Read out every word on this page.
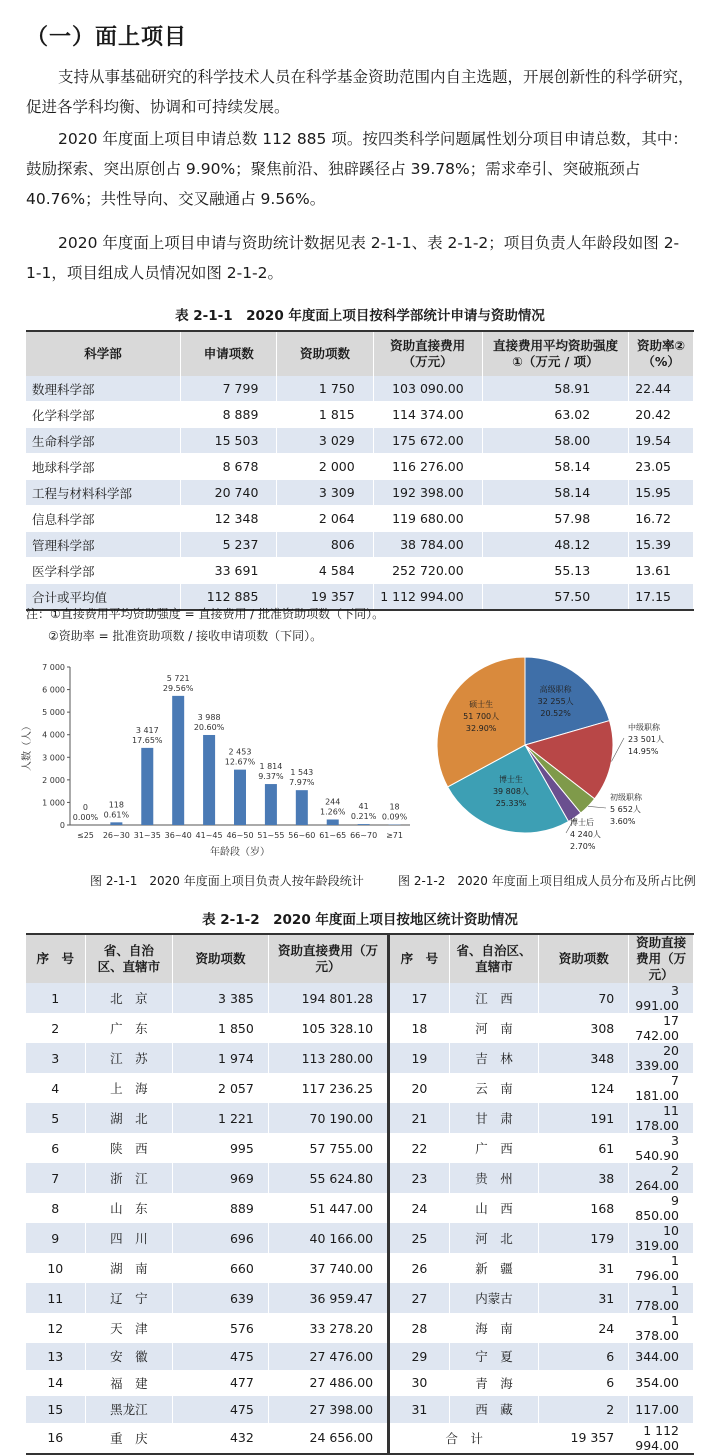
（一）面上项目

支持从事基础研究的科学技术人员在科学基金资助范围内自主选题，开展创新性的科学研究，促进各学科均衡、协调和可持续发展。

2020 年度面上项目申请总数 112 885 项。按四类科学问题属性划分项目申请总数，其中：鼓励探索、突出原创占 9.90%；聚焦前沿、独辟蹊径占 39.78%；需求牵引、突破瓶颈占 40.76%；共性导向、交叉融通占 9.56%。

2020 年度面上项目申请与资助统计数据见表 2-1-1、表 2-1-2；项目负责人年龄段如图 2-1-1，项目组成人员情况如图 2-1-2。

表 2-1-1　2020 年度面上项目按科学部统计申请与资助情况
科学部	申请项数	资助项数	资助直接费用（万元）	直接费用平均资助强度①（万元 / 项）	资助率②（%）
数理科学部	7 799	1 750	103 090.00	58.91	22.44
化学科学部	8 889	1 815	114 374.00	63.02	20.42
生命科学部	15 503	3 029	175 672.00	58.00	19.54
地球科学部	8 678	2 000	116 276.00	58.14	23.05
工程与材料科学部	20 740	3 309	192 398.00	58.14	15.95
信息科学部	12 348	2 064	119 680.00	57.98	16.72
管理科学部	5 237	806	38 784.00	48.12	15.39
医学科学部	33 691	4 584	252 720.00	55.13	13.61
合计或平均值	112 885	19 357	1 112 994.00	57.50	17.15
注：①直接费用平均资助强度 = 直接费用 / 批准资助项数（下同）。
②资助率 = 批准资助项数 / 接收申请项数（下同）。
0
1 000
2 000
3 000
4 000
5 000
6 000
7 000
人数（人）
≤25
0
0.00%
26~30
118
0.61%
31~35
3 417
17.65%
36~40
5 721
29.56%
41~45
3 988
20.60%
46~50
2 453
12.67%
51~55
1 814
9.37%
56~60
1 543
7.97%
61~65
244
1.26%
66~70
41
0.21%
≥71
18
0.09%
年龄段（岁）
高级职称
32 255人
20.52%
中级职称
23 501人
14.95%
初级职称
5 652人
3.60%
博士后
4 240人
2.70%
博士生
39 808人
25.33%
硕士生
51 700人
32.90%
图 2-1-1　2020 年度面上项目负责人按年龄段统计	图 2-1-2　2020 年度面上项目组成人员分布及所占比例
表 2-1-2　2020 年度面上项目按地区统计资助情况
序　号	省、自治区、直辖市	资助项数	资助直接费用（万元）	序　号	省、自治区、直辖市	资助项数	资助直接费用（万元）
1	北　京	3 385	194 801.28	17	江　西	70	3 991.00
2	广　东	1 850	105 328.10	18	河　南	308	17 742.00
3	江　苏	1 974	113 280.00	19	吉　林	348	20 339.00
4	上　海	2 057	117 236.25	20	云　南	124	7 181.00
5	湖　北	1 221	70 190.00	21	甘　肃	191	11 178.00
6	陕　西	995	57 755.00	22	广　西	61	3 540.90
7	浙　江	969	55 624.80	23	贵　州	38	2 264.00
8	山　东	889	51 447.00	24	山　西	168	9 850.00
9	四　川	696	40 166.00	25	河　北	179	10 319.00
10	湖　南	660	37 740.00	26	新　疆	31	1 796.00
11	辽　宁	639	36 959.47	27	内蒙古	31	1 778.00
12	天　津	576	33 278.20	28	海　南	24	1 378.00
13	安　徽	475	27 476.00	29	宁　夏	6	344.00
14	福　建	477	27 486.00	30	青　海	6	354.00
15	黑龙江	475	27 398.00	31	西　藏	2	117.00
16	重　庆	432	24 656.00	合　计		19 357	1 112 994.00
